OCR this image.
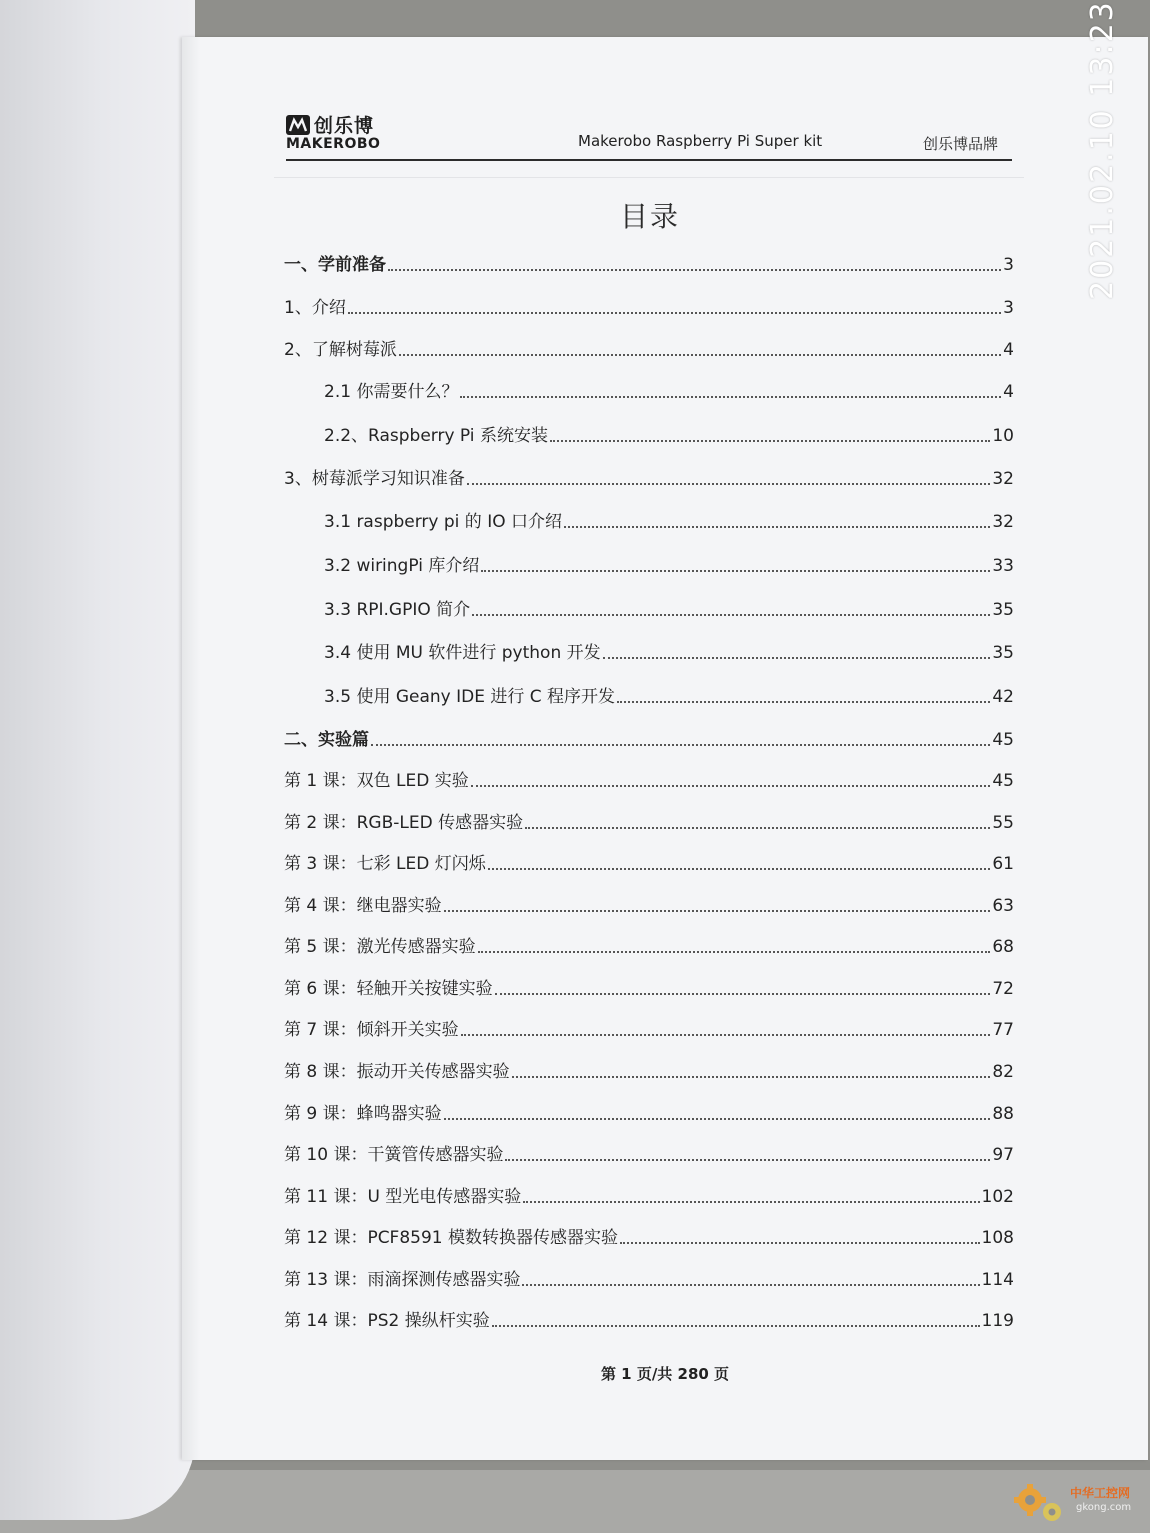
创乐博
MAKEROBO	Makerobo Raspberry Pi Super kit	创乐博品牌
目录
一、学前准备	3
1、介绍	3
2、了解树莓派	4
2.1 你需要什么？	4
2.2、Raspberry Pi 系统安装	10
3、树莓派学习知识准备	32
3.1 raspberry pi 的 IO 口介绍	32
3.2 wiringPi 库介绍	33
3.3 RPI.GPIO 简介	35
3.4 使用 MU 软件进行 python 开发	35
3.5 使用 Geany IDE 进行 C 程序开发	42
二、实验篇	45
第 1 课：双色 LED 实验	45
第 2 课：RGB-LED 传感器实验	55
第 3 课：七彩 LED 灯闪烁	61
第 4 课：继电器实验	63
第 5 课：激光传感器实验	68
第 6 课：轻触开关按键实验	72
第 7 课：倾斜开关实验	77
第 8 课：振动开关传感器实验	82
第 9 课：蜂鸣器实验	88
第 10 课：干簧管传感器实验	97
第 11 课：U 型光电传感器实验	102
第 12 课：PCF8591 模数转换器传感器实验	108
第 13 课：雨滴探测传感器实验	114
第 14 课：PS2 操纵杆实验	119
第 1 页/共 280 页
2021.02.10 13:23
中华工控网
gkong.com
